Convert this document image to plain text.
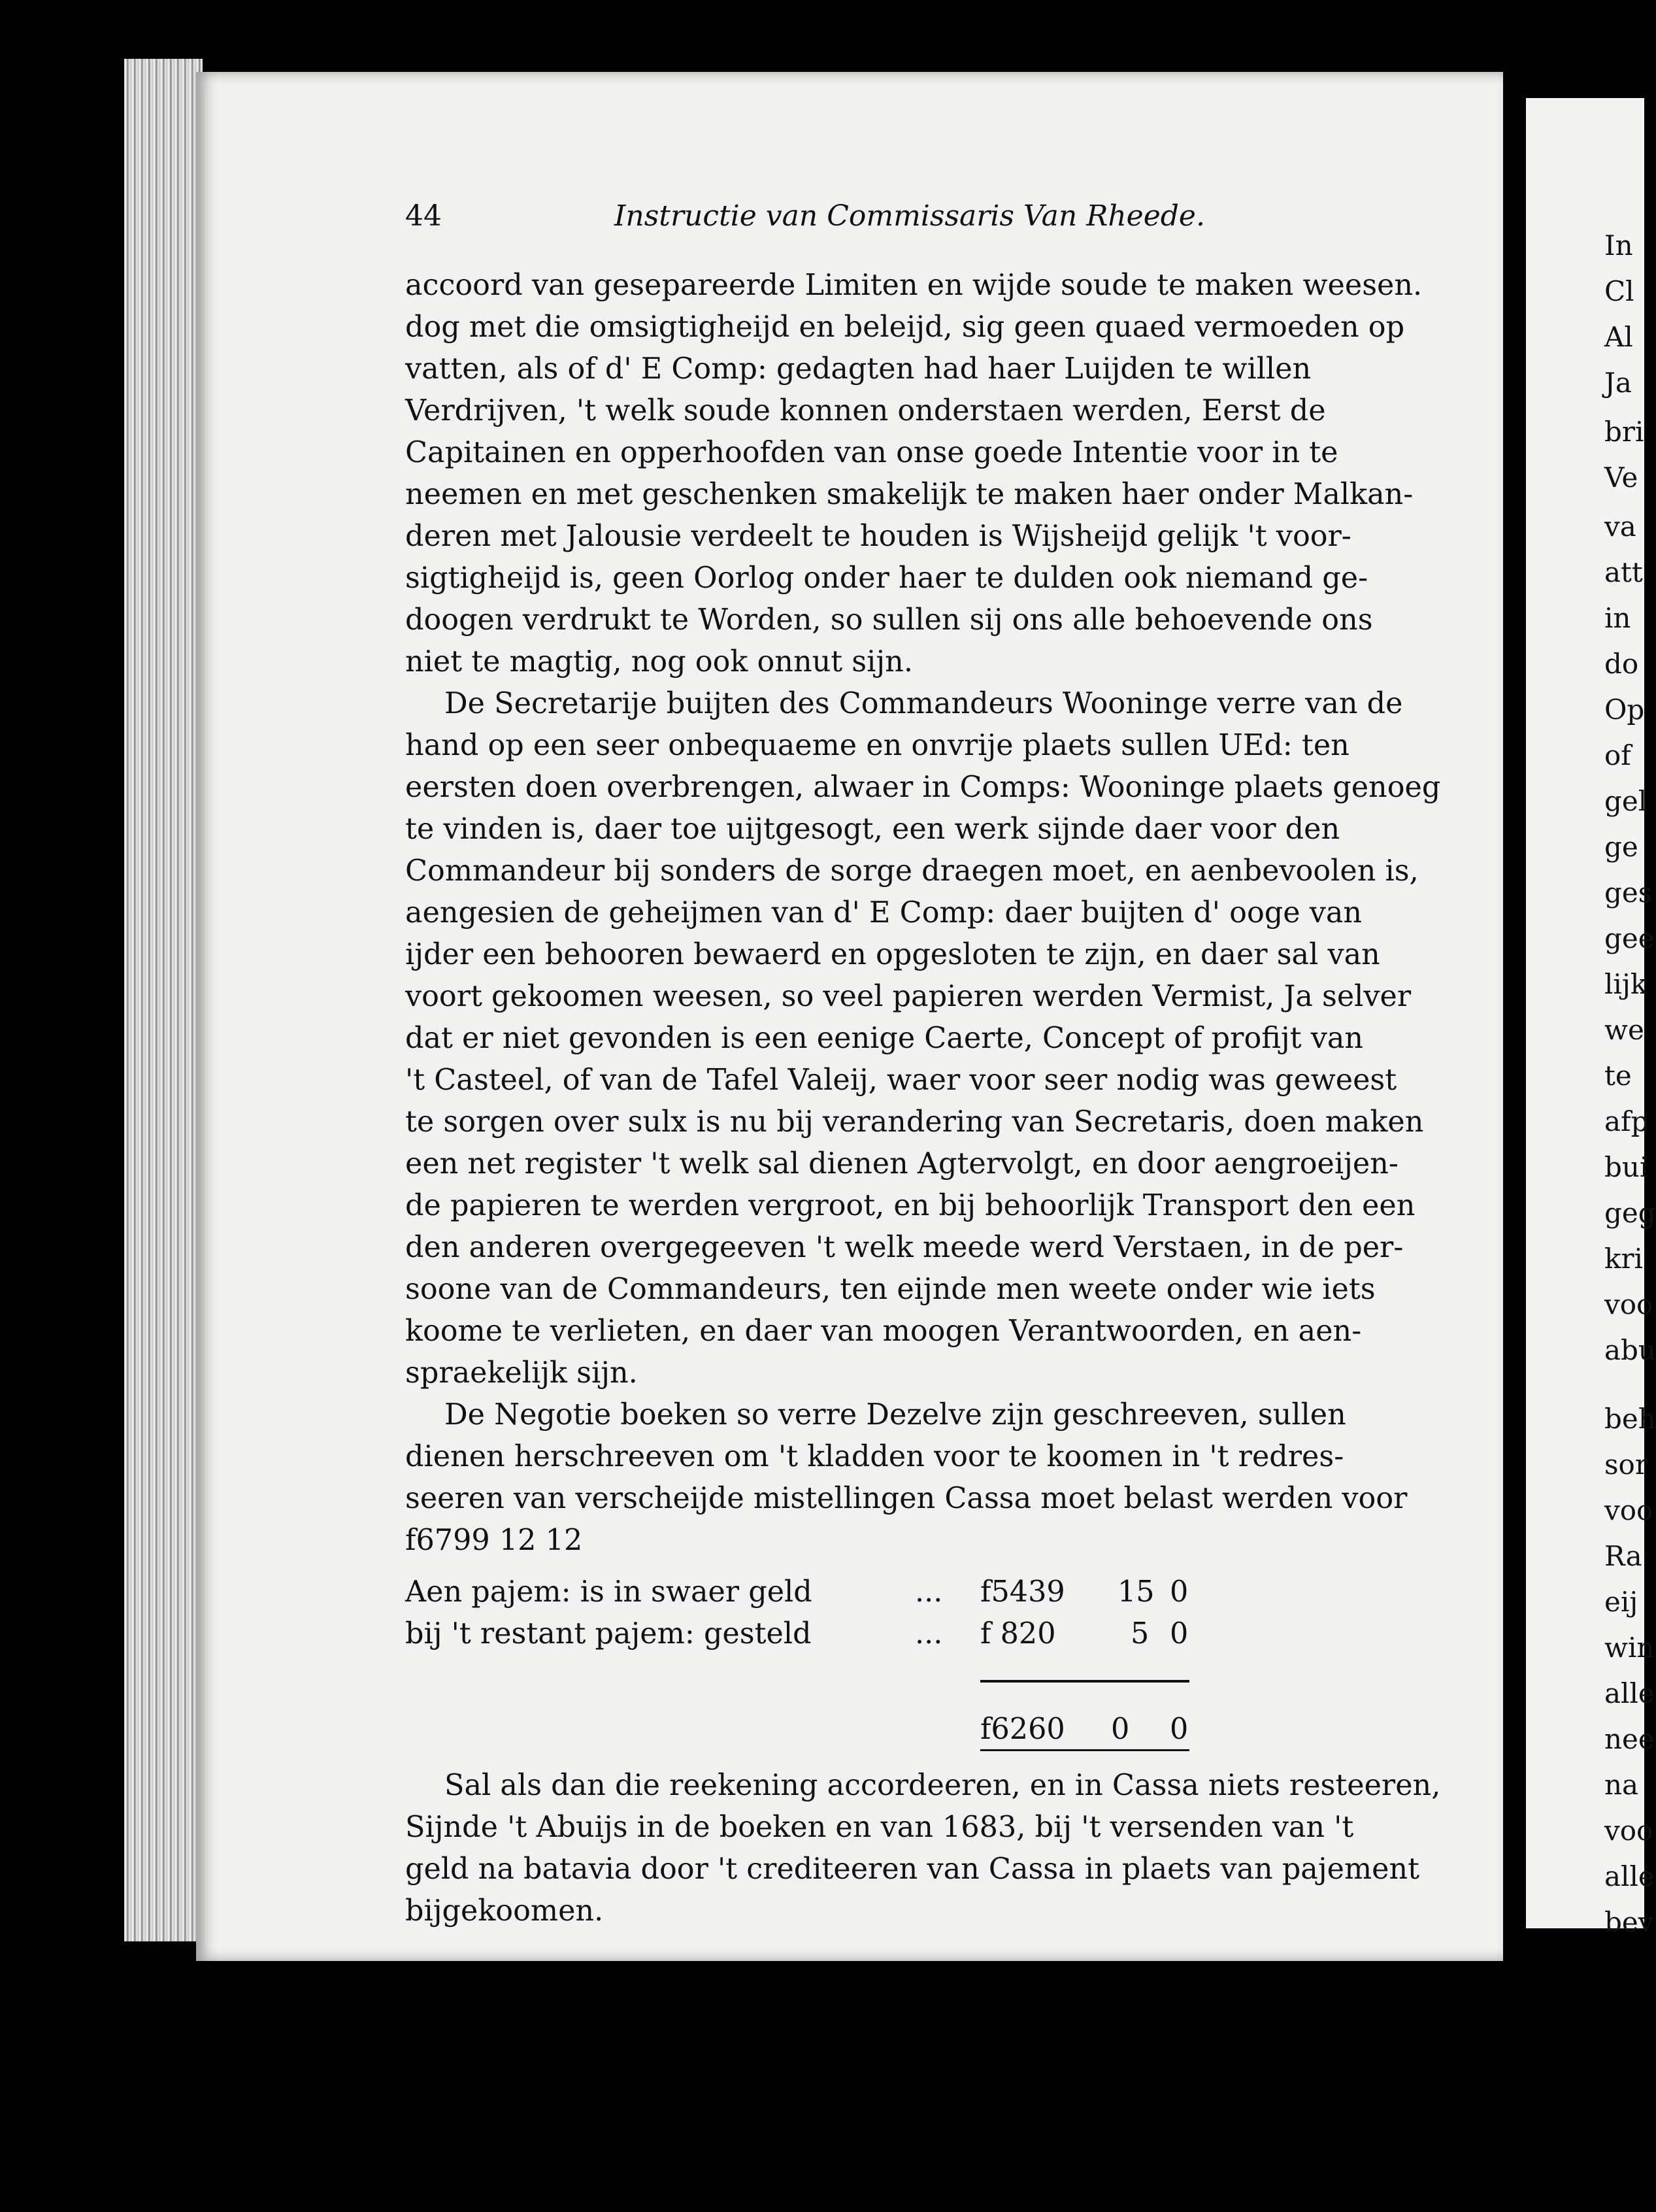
In
Cl
Al
Ja
bri
Ve
va
att
in
do
Op
of
gel
ge
ges
gee
lijk
we
te
afp
bui
geg
kri
voo
abu
beh
sor
voo
Ra
eij
win
alle
nee
na
voo
alle
bev
44	Instructie van Commissaris Van Rheede.
accoord van gesepareerde Limiten en wijde soude te maken weesen.
dog met die omsigtigheijd en beleijd, sig geen quaed vermoeden op
vatten, als of d' E Comp: gedagten had haer Luijden te willen
Verdrijven, 't welk soude konnen onderstaen werden, Eerst de
Capitainen en opperhoofden van onse goede Intentie voor in te
neemen en met geschenken smakelijk te maken haer onder Malkan-
deren met Jalousie verdeelt te houden is Wijsheijd gelijk 't voor-
sigtigheijd is, geen Oorlog onder haer te dulden ook niemand ge-
doogen verdrukt te Worden, so sullen sij ons alle behoevende ons
niet te magtig, nog ook onnut sijn.
De Secretarije buijten des Commandeurs Wooninge verre van de
hand op een seer onbequaeme en onvrije plaets sullen UEd: ten
eersten doen overbrengen, alwaer in Comps: Wooninge plaets genoeg
te vinden is, daer toe uijtgesogt, een werk sijnde daer voor den
Commandeur bij sonders de sorge draegen moet, en aenbevoolen is,
aengesien de geheijmen van d' E Comp: daer buijten d' ooge van
ijder een behooren bewaerd en opgesloten te zijn, en daer sal van
voort gekoomen weesen, so veel papieren werden Vermist, Ja selver
dat er niet gevonden is een eenige Caerte, Concept of profijt van
't Casteel, of van de Tafel Valeij, waer voor seer nodig was geweest
te sorgen over sulx is nu bij verandering van Secretaris, doen maken
een net register 't welk sal dienen Agtervolgt, en door aengroeijen-
de papieren te werden vergroot, en bij behoorlijk Transport den een
den anderen overgegeeven 't welk meede werd Verstaen, in de per-
soone van de Commandeurs, ten eijnde men weete onder wie iets
koome te verlieten, en daer van moogen Verantwoorden, en aen-
spraekelijk sijn.
De Negotie boeken so verre Dezelve zijn geschreeven, sullen
dienen herschreeven om 't kladden voor te koomen in 't redres-
seeren van verscheijde mistellingen Cassa moet belast werden voor
f6799 12 12
Aen pajem: is in swaer geld	... f5439 15 0
bij 't restant pajem: gesteld	... f 820	5 0
f6260 0 0
Sal als dan die reekening accordeeren, en in Cassa niets resteeren,
Sijnde 't Abuijs in de boeken en van 1683, bij 't versenden van 't
geld na batavia door 't crediteeren van Cassa in plaets van pajement
bijgekoomen.
